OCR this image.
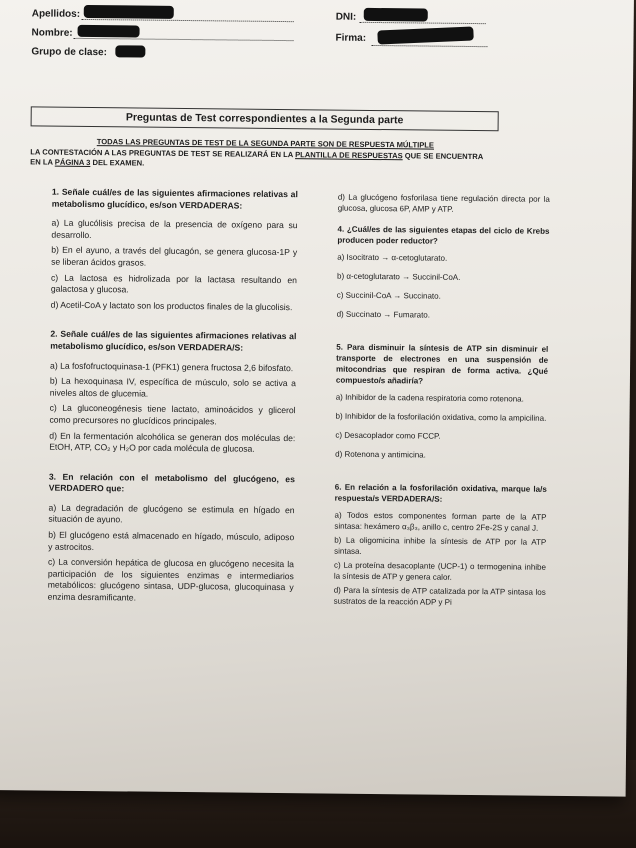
Apellidos:
Nombre:
Grupo de clase:
DNI:
Firma:
Preguntas de Test correspondientes a la Segunda parte
TODAS LAS PREGUNTAS DE TEST DE LA SEGUNDA PARTE SON DE RESPUESTA MÚLTIPLE
LA CONTESTACIÓN A LAS PREGUNTAS DE TEST SE REALIZARÁ EN LA PLANTILLA DE RESPUESTAS QUE SE ENCUENTRA
EN LA PÁGINA 3 DEL EXAMEN.
1. Señale cuál/es de las siguientes afirmaciones relativas al metabolismo glucídico, es/son VERDADERAS:
a) La glucólisis precisa de la presencia de oxígeno para su desarrollo.
b) En el ayuno, a través del glucagón, se genera glucosa-1P y se liberan ácidos grasos.
c) La lactosa es hidrolizada por la lactasa resultando en galactosa y glucosa.
d) Acetil-CoA y lactato son los productos finales de la glucolisis.
2. Señale cuál/es de las siguientes afirmaciones relativas al metabolismo glucídico, es/son VERDADERA/S:
a) La fosfofructoquinasa-1 (PFK1) genera fructosa 2,6 bifosfato.
b) La hexoquinasa IV, específica de músculo, solo se activa a niveles altos de glucemia.
c) La gluconeogénesis tiene lactato, aminoácidos y glicerol como precursores no glucídicos principales.
d) En la fermentación alcohólica se generan dos moléculas de: EtOH, ATP, CO₂ y H₂O por cada molécula de glucosa.
3. En relación con el metabolismo del glucógeno, es VERDADERO que:
a) La degradación de glucógeno se estimula en hígado en situación de ayuno.
b) El glucógeno está almacenado en hígado, músculo, adiposo y astrocitos.
c) La conversión hepática de glucosa en glucógeno necesita la participación de los siguientes enzimas e intermediarios metabólicos: glucógeno sintasa, UDP-glucosa, glucoquinasa y enzima desramificante.
d) La glucógeno fosforilasa tiene regulación directa por la glucosa, glucosa 6P, AMP y ATP.
4. ¿Cuál/es de las siguientes etapas del ciclo de Krebs producen poder reductor?
a) Isocitrato → α-cetoglutarato.
b) α-cetoglutarato → Succinil-CoA.
c) Succinil-CoA → Succinato.
d) Succinato → Fumarato.
5. Para disminuir la síntesis de ATP sin disminuir el transporte de electrones en una suspensión de mitocondrias que respiran de forma activa. ¿Qué compuesto/s añadiría?
a) Inhibidor de la cadena respiratoria como rotenona.
b) Inhibidor de la fosforilación oxidativa, como la ampicilina.
c) Desacoplador como FCCP.
d) Rotenona y antimicina.
6. En relación a la fosforilación oxidativa, marque la/s respuesta/s VERDADERA/S:
a) Todos estos componentes forman parte de la ATP sintasa: hexámero α₃β₃, anillo c, centro 2Fe-2S y canal J.
b) La oligomicina inhibe la síntesis de ATP por la ATP sintasa.
c) La proteína desacoplante (UCP-1) o termogenina inhibe la síntesis de ATP y genera calor.
d) Para la síntesis de ATP catalizada por la ATP sintasa los sustratos de la reacción ADP y Pi
